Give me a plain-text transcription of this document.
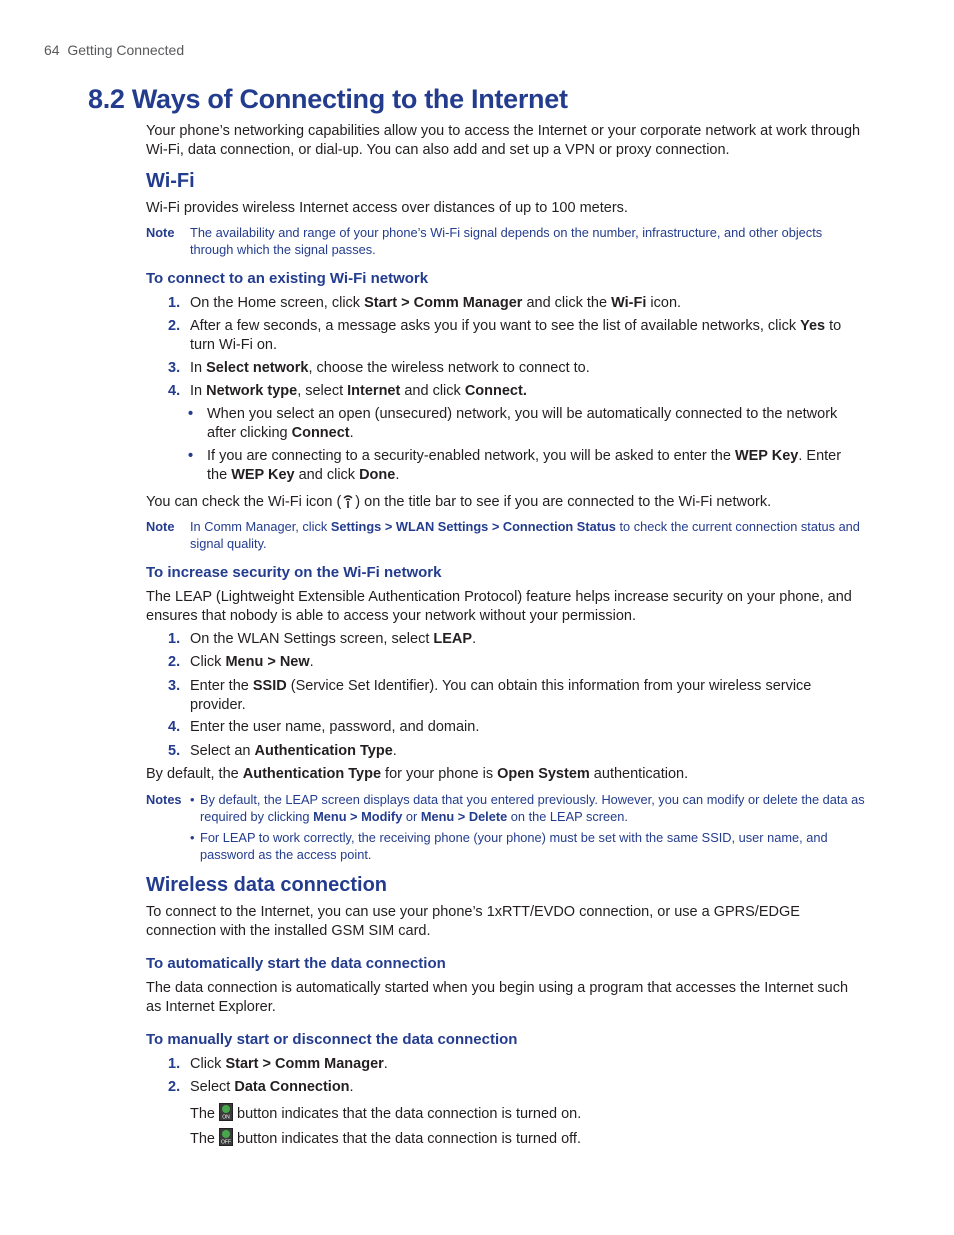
64 Getting Connected
8.2 Ways of Connecting to the Internet
Your phone’s networking capabilities allow you to access the Internet or your corporate network at work through Wi-Fi, data connection, or dial-up. You can also add and set up a VPN or proxy connection.
Wi-Fi
Wi-Fi provides wireless Internet access over distances of up to 100 meters.
Note The availability and range of your phone’s Wi-Fi signal depends on the number, infrastructure, and other objects through which the signal passes.
To connect to an existing Wi-Fi network
1. On the Home screen, click Start > Comm Manager and click the Wi-Fi icon.
2. After a few seconds, a message asks you if you want to see the list of available networks, click Yes to turn Wi-Fi on.
3. In Select network, choose the wireless network to connect to.
4. In Network type, select Internet and click Connect.
• When you select an open (unsecured) network, you will be automatically connected to the network after clicking Connect.
• If you are connecting to a security-enabled network, you will be asked to enter the WEP Key. Enter the WEP Key and click Done.
You can check the Wi-Fi icon ( ) on the title bar to see if you are connected to the Wi-Fi network.
Note In Comm Manager, click Settings > WLAN Settings > Connection Status to check the current connection status and signal quality.
To increase security on the Wi-Fi network
The LEAP (Lightweight Extensible Authentication Protocol) feature helps increase security on your phone, and ensures that nobody is able to access your network without your permission.
1. On the WLAN Settings screen, select LEAP.
2. Click Menu > New.
3. Enter the SSID (Service Set Identifier). You can obtain this information from your wireless service provider.
4. Enter the user name, password, and domain.
5. Select an Authentication Type.
By default, the Authentication Type for your phone is Open System authentication.
Notes • By default, the LEAP screen displays data that you entered previously. However, you can modify or delete the data as required by clicking Menu > Modify or Menu > Delete on the LEAP screen.
• For LEAP to work correctly, the receiving phone (your phone) must be set with the same SSID, user name, and password as the access point.
Wireless data connection
To connect to the Internet, you can use your phone’s 1xRTT/EVDO connection, or use a GPRS/EDGE connection with the installed GSM SIM card.
To automatically start the data connection
The data connection is automatically started when you begin using a program that accesses the Internet such as Internet Explorer.
To manually start or disconnect the data connection
1. Click Start > Comm Manager.
2. Select Data Connection.
The ON button indicates that the data connection is turned on.
The OFF button indicates that the data connection is turned off.
